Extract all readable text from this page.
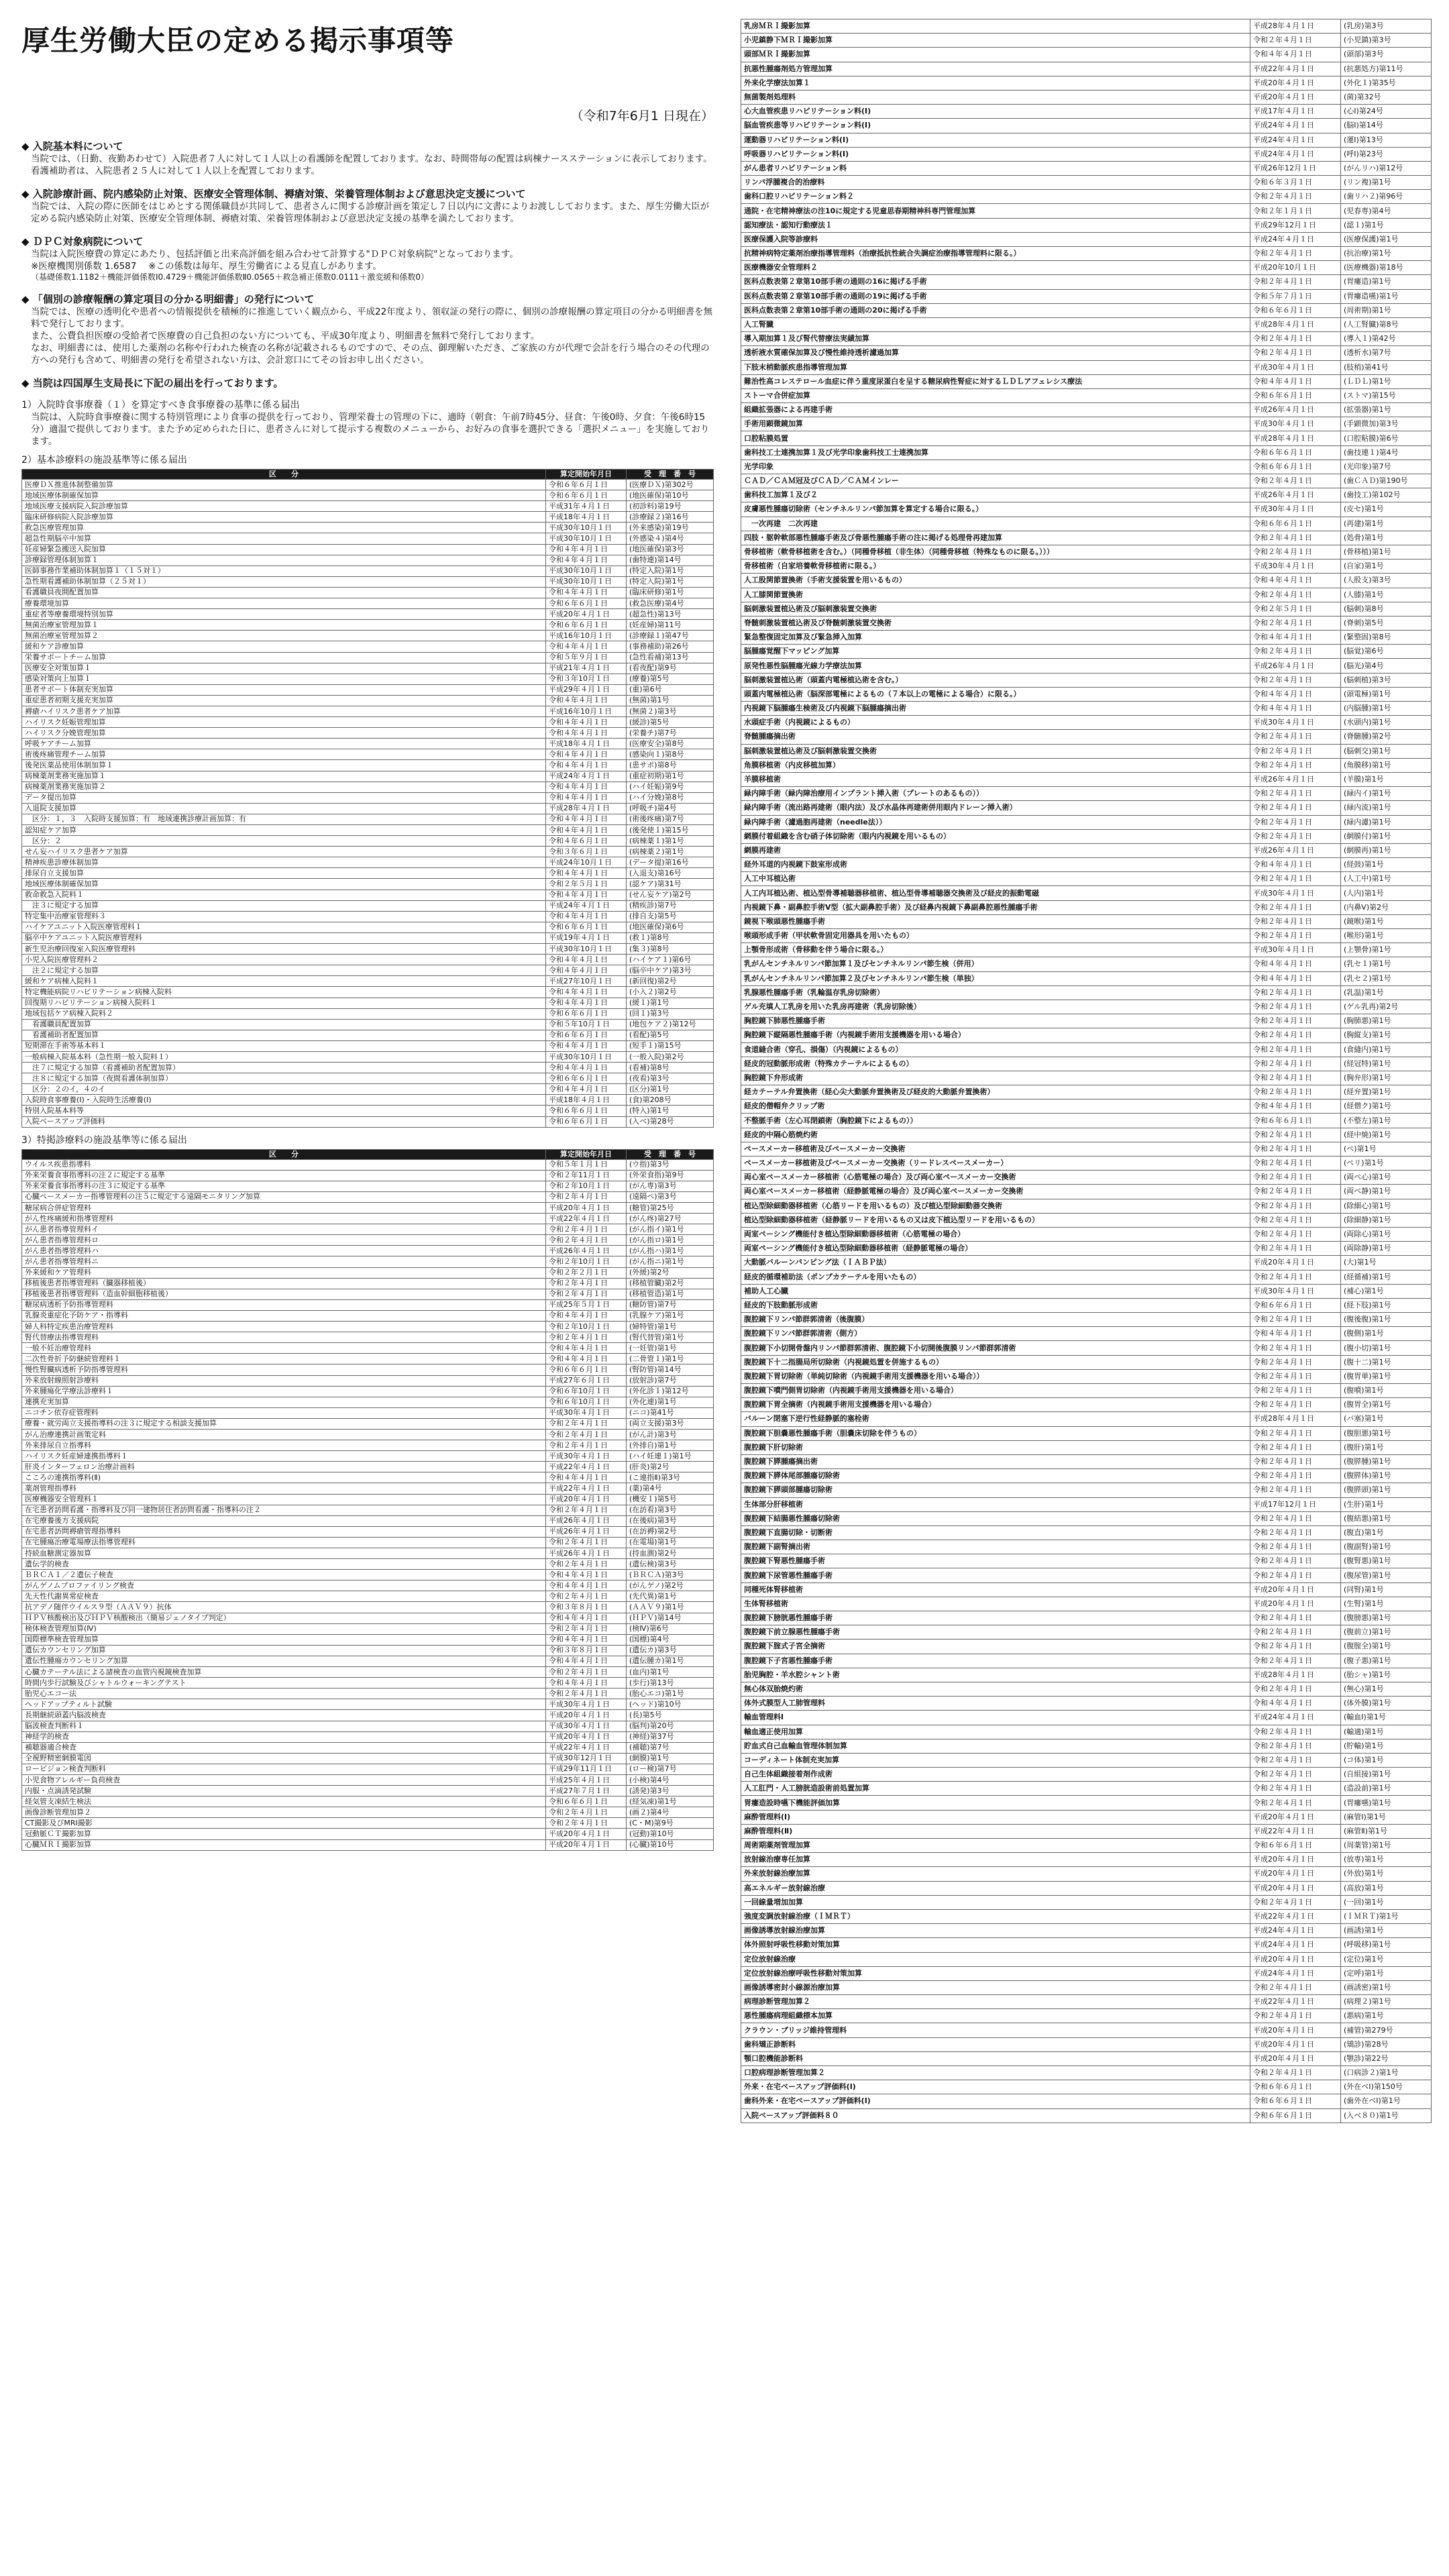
厚生労働大臣の定める掲示事項等
（令和7年6月1 日現在）
◆ 入院基本料について
当院では、（日勤、夜勤あわせて）入院患者７人に対して１人以上の看護師を配置しております。なお、時間帯毎の配置は病棟ナースステーションに表示しております。
看護補助者は、入院患者２５人に対して１人以上を配置しております。
◆ 入院診療計画、院内感染防止対策、医療安全管理体制、褥瘡対策、栄養管理体制および意思決定支援について
当院では、入院の際に医師をはじめとする関係職員が共同して、患者さんに関する診療計画を策定し７日以内に文書によりお渡ししております。また、厚生労働大臣が定める院内感染防止対策、医療安全管理体制、褥瘡対策、栄養管理体制および意思決定支援の基準を満たしております。
◆ ＤＰＣ対象病院について
当院は入院医療費の算定にあたり、包括評価と出来高評価を組み合わせて計算する"ＤＰＣ対象病院"となっております。
※医療機関別係数 1.6587 　※この係数は毎年、厚生労働省による見直しがあります。
（基礎係数1.1182＋機能評価係数Ⅰ0.4729＋機能評価係数Ⅱ0.0565＋救急補正係数0.0111＋激変緩和係数0）
◆ 「個別の診療報酬の算定項目の分かる明細書」の発行について
当院では、医療の透明化や患者への情報提供を積極的に推進していく観点から、平成22年度より、領収証の発行の際に、個別の診療報酬の算定項目の分かる明細書を無料で発行しております。
また、公費負担医療の受給者で医療費の自己負担のない方についても、平成30年度より、明細書を無料で発行しております。
なお、明細書には、使用した薬剤の名称や行われた検査の名称が記載されるものですので、その点、御理解いただき、ご家族の方が代理で会計を行う場合のその代理の方への発行も含めて、明細書の発行を希望されない方は、会計窓口にてその旨お申し出ください。
◆ 当院は四国厚生支局長に下記の届出を行っております。
1）入院時食事療養（１）を算定すべき食事療養の基準に係る届出
当院は、入院時食事療養に関する特別管理により食事の提供を行っており、管理栄養士の管理の下に、適時（朝食：午前7時45分、昼食：午後0時、夕食：午後6時15分）適温で提供しております。また予め定められた日に、患者さんに対して提示する複数のメニューから、お好みの食事を選択できる「選択メニュー」を実施しております。
2）基本診療料の施設基準等に係る届出
区　　分	算定開始年月日	受　理　番　号
医療ＤＸ推進体制整備加算	令和６年６月１日	(医療ＤＸ)第302号
地域医療体制確保加算	令和６年６月１日	(地医確保)第10号
地域医療支援病院入院診療加算	平成31年４月１日	(初診料)第19号
臨床研修病院入院診療加算	平成18年４月１日	(診療録２)第16号
救急医療管理加算	平成30年10月１日	(外来感染)第19号
超急性期脳卒中加算	平成30年10月１日	(外感染４)第4号
妊産婦緊急搬送入院加算	令和４年４月１日	(地医確保)第3号
診療録管理体制加算１	令和４年４月１日	(歯特連)第14号
医師事務作業補助体制加算１（１５対１）	平成30年10月１日	(特定入院)第1号
急性期看護補助体制加算（２５対１）	平成30年10月１日	(特定入院)第1号
看護職員夜間配置加算	令和４年４月１日	(臨床研修)第1号
療養環境加算	令和６年６月１日	(救急医療)第4号
重症者等療養環境特別加算	平成20年４月１日	(超急性)第13号
無菌治療室管理加算１	令和６年６月１日	(妊産婦)第11号
無菌治療室管理加算２	平成16年10月１日	(診療録１)第47号
緩和ケア診療加算	令和４年４月１日	(事務補助)第26号
栄養サポートチーム加算	令和５年９月１日	(急性看補)第13号
医療安全対策加算１	平成21年４月１日	(看夜配)第9号
感染対策向上加算１	令和３年10月１日	(療養)第5号
患者サポート体制充実加算	平成29年４月１日	(重)第6号
重症患者初期支援充実加算	令和４年４月１日	(無菌)第1号
褥瘡ハイリスク患者ケア加算	平成16年10月１日	(無菌２)第3号
ハイリスク妊娠管理加算	令和４年４月１日	(緩診)第5号
ハイリスク分娩管理加算	令和４年４月１日	(栄養チ)第7号
呼吸ケアチーム加算	平成18年４月１日	(医療安全)第8号
術後疼痛管理チーム加算	令和４年４月１日	(感染向１)第8号
後発医薬品使用体制加算１	令和４年４月１日	(患サポ)第8号
病棟薬剤業務実施加算１	平成24年４月１日	(重症初期)第1号
病棟薬剤業務実施加算２	令和４年４月１日	(ハイ妊娠)第9号
データ提出加算	令和４年４月１日	(ハイ分娩)第8号
入退院支援加算	平成28年４月１日	(呼吸チ)第4号
　区分：１，３　入院時支援加算：有　地域連携診療計画加算：有	令和４年４月１日	(術後疼痛)第7号
認知症ケア加算	令和４年４月１日	(後発使１)第15号
　区分：２	令和４年６月１日	(病棟薬１)第1号
せん妄ハイリスク患者ケア加算	令和３年６月１日	(病棟薬２)第1号
精神疾患診療体制加算	平成24年10月１日	(データ提)第16号
排尿自立支援加算	令和４年４月１日	(入退支)第16号
地域医療体制確保加算	令和２年５月１日	(認ケア)第31号
救命救急入院料１	令和４年４月１日	(せん妄ケア)第2号
　注３に規定する加算	平成24年４月１日	(精疾診)第7号
特定集中治療室管理料３	令和４年４月１日	(排自支)第5号
ハイケアユニット入院医療管理料１	令和６年６月１日	(地医確保)第6号
脳卒中ケアユニット入院医療管理料	平成19年４月１日	(救１)第8号
新生児治療回復室入院医療管理料	平成30年10月１日	(集３)第8号
小児入院医療管理料２	令和４年４月１日	(ハイケア１)第6号
　注２に規定する加算	令和４年４月１日	(脳卒中ケア)第3号
緩和ケア病棟入院料１	平成27年10月１日	(新回復)第2号
特定機能病院リハビリテーション病棟入院料	令和４年４月１日	(小入２)第2号
回復期リハビリテーション病棟入院料１	令和４年４月１日	(緩１)第1号
地域包括ケア病棟入院料２	令和６年６月１日	(回１)第3号
　看護職員配置加算	令和５年10月１日	(地包ケア２)第12号
　看護補助者配置加算	令和６年６月１日	(看配)第5号
短期滞在手術等基本料１	令和４年４月１日	(短手１)第15号
一般病棟入院基本料（急性期一般入院料１）	平成30年10月１日	(一般入院)第2号
　注７に規定する加算（看護補助者配置加算）	令和４年４月１日	(看補)第8号
　注８に規定する加算（夜間看護体制加算）	令和６年６月１日	(夜看)第3号
　区分：２のイ，４のイ	令和４年４月１日	(区分)第1号
入院時食事療養(Ⅰ)・入院時生活療養(Ⅰ)	平成18年４月１日	(食)第208号
特別入院基本料等	令和６年６月１日	(特入)第1号
入院ベースアップ評価料	令和６年６月１日	(入ベ)第28号
3）特掲診療料の施設基準等に係る届出
区　　分	算定開始年月日	受　理　番　号
ウイルス疾患指導料	令和５年１月１日	(ウ指)第3号
外来栄養食事指導料の注２に規定する基準	令和２年11月１日	(外栄食指)第9号
外来栄養食事指導料の注３に規定する基準	令和２年10月１日	(がん専)第3号
心臓ペースメーカー指導管理料の注５に規定する遠隔モニタリング加算	令和２年４月１日	(遠隔ペ)第3号
糖尿病合併症管理料	平成20年４月１日	(糖管)第25号
がん性疼痛緩和指導管理料	平成22年４月１日	(がん疼)第27号
がん患者指導管理料イ	令和２年４月１日	(がん指イ)第1号
がん患者指導管理料ロ	令和２年４月１日	(がん指ロ)第1号
がん患者指導管理料ハ	平成26年４月１日	(がん指ハ)第1号
がん患者指導管理料ニ	令和２年10月１日	(がん指ニ)第1号
外来緩和ケア管理料	令和２年２月１日	(外緩)第2号
移植後患者指導管理料（臓器移植後）	令和２年４月１日	(移植管臓)第2号
移植後患者指導管理料（造血幹細胞移植後）	令和２年４月１日	(移植管造)第1号
糖尿病透析予防指導管理料	平成25年５月１日	(糖防管)第7号
乳腺炎重症化予防ケア・指導料	令和４年４月１日	(乳腺ケア)第1号
婦人科特定疾患治療管理料	令和２年10月１日	(婦特管)第1号
腎代替療法指導管理料	令和２年４月１日	(腎代替管)第1号
一般不妊治療管理料	令和４年４月１日	(一妊管)第1号
二次性骨折予防継続管理料１	令和４年４月１日	(二骨管１)第1号
慢性腎臓病透析予防指導管理料	令和６年６月１日	(腎防管)第14号
外来放射線照射診療料	平成27年６月１日	(放射診)第7号
外来腫瘍化学療法診療料１	令和６年10月１日	(外化診１)第12号
連携充実加算	令和６年10月１日	(外化連)第1号
ニコチン依存症管理料	平成30年４月１日	(ニコ)第41号
療養・就労両立支援指導料の注３に規定する相談支援加算	令和２年４月１日	(両立支援)第3号
がん治療連携計画策定料	令和２年４月１日	(がん計)第3号
外来排尿自立指導料	令和２年４月１日	(外排自)第1号
ハイリスク妊産婦連携指導料１	平成30年４月１日	(ハイ妊連１)第1号
肝炎インターフェロン治療計画料	平成22年４月１日	(肝炎)第2号
こころの連携指導料(Ⅱ)	令和４年４月１日	(こ連指Ⅱ)第3号
薬剤管理指導料	平成22年４月１日	(薬)第4号
医療機器安全管理料１	平成20年４月１日	(機安１)第5号
在宅患者訪問看護・指導料及び同一建物居住者訪問看護・指導料の注２	令和２年４月１日	(在訪看)第3号
在宅療養後方支援病院	平成26年４月１日	(在後病)第3号
在宅患者訪問褥瘡管理指導料	平成26年４月１日	(在訪褥)第2号
在宅腫瘍治療電場療法指導管理料	令和２年４月１日	(在電場)第1号
持続血糖測定器加算	平成26年４月１日	(持血測)第2号
遺伝学的検査	令和２年４月１日	(遺伝検)第3号
ＢＲＣＡ１／２遺伝子検査	令和４年４月１日	(ＢＲＣＡ)第3号
がんゲノムプロファイリング検査	令和４年４月１日	(がんゲノ)第2号
先天性代謝異常症検査	令和２年４月１日	(先代異)第1号
抗アデノ随伴ウイルス９型（ＡＡＶ９）抗体	令和３年８月１日	(ＡＡＶ９)第1号
ＨＰＶ核酸検出及びＨＰＶ核酸検出（簡易ジェノタイプ判定）	令和４年４月１日	(ＨＰＶ)第14号
検体検査管理加算(Ⅳ)	令和２年４月１日	(検Ⅳ)第6号
国際標準検査管理加算	令和４年４月１日	(国標)第4号
遺伝カウンセリング加算	令和３年８月１日	(遺伝カ)第3号
遺伝性腫瘍カウンセリング加算	令和４年４月１日	(遺伝腫カ)第1号
心臓カテーテル法による諸検査の血管内視鏡検査加算	令和２年４月１日	(血内)第1号
時間内歩行試験及びシャトルウォーキングテスト	令和４年４月１日	(歩行)第13号
胎児心エコー法	令和２年４月１日	(胎心エコ)第1号
ヘッドアップティルト試験	平成30年４月１日	(ヘッド)第10号
長期継続頭蓋内脳波検査	平成20年４月１日	(長)第5号
脳波検査判断料１	平成30年４月１日	(脳判)第20号
神経学的検査	平成20年４月１日	(神経)第37号
補聴器適合検査	平成22年４月１日	(補聴)第7号
全視野精密網膜電図	平成30年12月１日	(網膜)第1号
ロービジョン検査判断料	平成29年11月１日	(ロー検)第7号
小児食物アレルギー負荷検査	平成25年４月１日	(小検)第4号
内服・点滴誘発試験	平成27年７月１日	(誘発)第3号
経気管支凍結生検法	令和６年６月１日	(経気凍)第1号
画像診断管理加算２	令和２年４月１日	(画２)第4号
CT撮影及びMRI撮影	令和２年４月１日	(C・M)第9号
冠動脈ＣＴ撮影加算	平成20年４月１日	(冠動)第10号
心臓ＭＲＩ撮影加算	平成20年４月１日	(心臓)第10号
乳房ＭＲＩ撮影加算	平成28年４月１日	(乳房)第3号
小児鎮静下ＭＲＩ撮影加算	令和２年４月１日	(小児鎮)第3号
頭部ＭＲＩ撮影加算	令和４年４月１日	(頭部)第3号
抗悪性腫瘍剤処方管理加算	平成22年４月１日	(抗悪処方)第11号
外来化学療法加算１	平成20年４月１日	(外化１)第35号
無菌製剤処理料	平成20年４月１日	(菌)第32号
心大血管疾患リハビリテーション料(Ⅰ)	平成17年４月１日	(心Ⅰ)第24号
脳血管疾患等リハビリテーション料(Ⅰ)	平成24年４月１日	(脳Ⅰ)第14号
運動器リハビリテーション料(Ⅰ)	平成24年４月１日	(運Ⅰ)第13号
呼吸器リハビリテーション料(Ⅰ)	平成24年４月１日	(呼Ⅰ)第23号
がん患者リハビリテーション料	平成26年12月１日	(がんリハ)第12号
リンパ浮腫複合的治療料	令和６年３月１日	(リン複)第1号
歯科口腔リハビリテーション料２	令和２年４月１日	(歯リハ２)第96号
通院・在宅精神療法の注10に規定する児童思春期精神科専門管理加算	令和２年１月１日	(児春専)第4号
認知療法・認知行動療法１	平成29年12月１日	(認１)第1号
医療保護入院等診療料	平成24年４月１日	(医療保護)第1号
抗精神病特定薬剤治療指導管理料（治療抵抗性統合失調症治療指導管理料に限る。）	令和２年４月１日	(抗治療)第1号
医療機器安全管理料２	平成20年10月１日	(医療機器)第18号
医科点数表第２章第10部手術の通則の16に掲げる手術	令和２年４月１日	(胃瘻造)第1号
医科点数表第２章第10部手術の通則の19に掲げる手術	令和５年７月１日	(胃瘻造嚥)第1号
医科点数表第２章第10部手術の通則の20に掲げる手術	令和６年６月１日	(周術期)第1号
人工腎臓	平成28年４月１日	(人工腎臓)第8号
導入期加算１及び腎代替療法実績加算	令和２年４月１日	(導入１)第42号
透析液水質確保加算及び慢性維持透析濾過加算	令和２年４月１日	(透析水)第7号
下肢末梢動脈疾患指導管理加算	平成30年４月１日	(肢梢)第41号
難治性高コレステロール血症に伴う重度尿蛋白を呈する糖尿病性腎症に対するＬＤＬアフェレシス療法	令和４年４月１日	(ＬＤＬ)第1号
ストーマ合併症加算	令和６年６月１日	(ストマ)第15号
組織拡張器による再建手術	平成26年４月１日	(拡張器)第1号
手術用顕微鏡加算	平成30年４月１日	(手顕微加)第3号
口腔粘膜処置	平成28年４月１日	(口腔粘膜)第6号
歯科技工士連携加算１及び光学印象歯科技工士連携加算	令和６年６月１日	(歯技連１)第4号
光学印象	令和６年６月１日	(光印象)第7号
ＣＡＤ／ＣＡＭ冠及びＣＡＤ／ＣＡＭインレー	令和２年４月１日	(歯ＣＡＤ)第190号
歯科技工加算１及び２	平成26年４月１日	(歯技工)第102号
皮膚悪性腫瘍切除術（センチネルリンパ節加算を算定する場合に限る。）	平成30年４月１日	(皮セ)第1号
　一次再建　二次再建	令和６年６月１日	(再建)第1号
四肢・躯幹軟部悪性腫瘍手術及び骨悪性腫瘍手術の注に掲げる処理骨再建加算	令和２年４月１日	(処骨)第1号
骨移植術（軟骨移植術を含む。）（同種骨移植（非生体）（同種骨移植（特殊なものに限る。）））	令和２年４月１日	(骨移植)第1号
骨移植術（自家培養軟骨移植術に限る。）	平成30年４月１日	(自家)第1号
人工股関節置換術（手術支援装置を用いるもの）	令和４年４月１日	(人股支)第3号
人工膝関節置換術	令和２年４月１日	(人膝)第1号
脳刺激装置植込術及び脳刺激装置交換術	令和２年５月１日	(脳刺)第8号
脊髄刺激装置植込術及び脊髄刺激装置交換術	令和２年４月１日	(脊刺)第5号
緊急整復固定加算及び緊急挿入加算	令和４年４月１日	(緊整固)第8号
脳腫瘍覚醒下マッピング加算	令和２年４月１日	(脳覚)第6号
原発性悪性脳腫瘍光線力学療法加算	平成26年４月１日	(脳光)第4号
脳刺激装置植込術（頭蓋内電極植込術を含む。）	令和２年４月１日	(脳刺植)第3号
頭蓋内電極植込術（脳深部電極によるもの（７本以上の電極による場合）に限る。）	令和４年４月１日	(頭電極)第1号
内視鏡下脳腫瘍生検術及び内視鏡下脳腫瘍摘出術	令和４年４月１日	(内脳腫)第1号
水頭症手術（内視鏡によるもの）	平成30年４月１日	(水頭内)第1号
脊髄腫瘍摘出術	令和２年４月１日	(脊髄腫)第2号
脳刺激装置植込術及び脳刺激装置交換術	令和２年４月１日	(脳刺交)第1号
角膜移植術（内皮移植加算）	令和２年４月１日	(角膜移)第1号
羊膜移植術	平成26年４月１日	(羊膜)第1号
緑内障手術（緑内障治療用インプラント挿入術（プレートのあるもの））	令和２年４月１日	(緑内イ)第1号
緑内障手術（流出路再建術（眼内法）及び水晶体再建術併用眼内ドレーン挿入術）	令和２年４月１日	(緑内流)第1号
緑内障手術（濾過胞再建術（needle法））	令和２年４月１日	(緑内濾)第1号
網膜付着組織を含む硝子体切除術（眼内内視鏡を用いるもの）	令和２年４月１日	(網膜付)第1号
網膜再建術	平成26年４月１日	(網膜再)第1号
経外耳道的内視鏡下鼓室形成術	令和４年４月１日	(経鼓)第1号
人工中耳植込術	令和２年４月１日	(人工中)第1号
人工内耳植込術、植込型骨導補聴器移植術、植込型骨導補聴器交換術及び経皮的振動電磁	平成30年４月１日	(人内)第1号
内視鏡下鼻・副鼻腔手術Ⅴ型（拡大副鼻腔手術）及び経鼻内視鏡下鼻副鼻腔悪性腫瘍手術	令和２年４月１日	(内鼻Ⅴ)第2号
鏡視下喉頭悪性腫瘍手術	令和２年４月１日	(鏡喉)第1号
喉頭形成手術（甲状軟骨固定用器具を用いたもの）	令和２年４月１日	(喉形)第1号
上顎骨形成術（骨移動を伴う場合に限る。）	平成30年４月１日	(上顎骨)第1号
乳がんセンチネルリンパ節加算１及びセンチネルリンパ節生検（併用）	令和４年４月１日	(乳セ１)第1号
乳がんセンチネルリンパ節加算２及びセンチネルリンパ節生検（単独）	令和４年４月１日	(乳セ２)第1号
乳腺悪性腫瘍手術（乳輪温存乳房切除術）	令和２年４月１日	(乳温)第1号
ゲル充填人工乳房を用いた乳房再建術（乳房切除後）	令和２年４月１日	(ゲル乳再)第2号
胸腔鏡下肺悪性腫瘍手術	令和２年４月１日	(胸肺悪)第1号
胸腔鏡下縦隔悪性腫瘍手術（内視鏡手術用支援機器を用いる場合）	令和２年４月１日	(胸縦支)第1号
食道縫合術（穿孔、損傷）（内視鏡によるもの）	令和２年４月１日	(食縫内)第1号
経皮的冠動脈形成術（特殊カテーテルによるもの）	令和２年４月１日	(経冠特)第1号
胸腔鏡下弁形成術	令和２年４月１日	(胸弁形)第1号
経カテーテル弁置換術（経心尖大動脈弁置換術及び経皮的大動脈弁置換術）	令和２年４月１日	(経弁置)第1号
経皮的僧帽弁クリップ術	令和４年４月１日	(経僧ク)第1号
不整脈手術（左心耳閉鎖術（胸腔鏡下によるもの））	令和６年６月１日	(不整左)第1号
経皮的中隔心筋焼灼術	令和２年４月１日	(経中焼)第1号
ペースメーカー移植術及びペースメーカー交換術	令和２年４月１日	(ペ)第1号
ペースメーカー移植術及びペースメーカー交換術（リードレスペースメーカー）	令和２年４月１日	(ペリ)第1号
両心室ペースメーカー移植術（心筋電極の場合）及び両心室ペースメーカー交換術	令和２年４月１日	(両ペ心)第1号
両心室ペースメーカー移植術（経静脈電極の場合）及び両心室ペースメーカー交換術	令和２年４月１日	(両ペ静)第1号
植込型除細動器移植術（心筋リードを用いるもの）及び植込型除細動器交換術	令和２年４月１日	(除細心)第1号
植込型除細動器移植術（経静脈リードを用いるもの又は皮下植込型リードを用いるもの）	令和２年４月１日	(除細静)第1号
両室ペーシング機能付き植込型除細動器移植術（心筋電極の場合）	令和２年４月１日	(両除心)第1号
両室ペーシング機能付き植込型除細動器移植術（経静脈電極の場合）	令和２年４月１日	(両除静)第1号
大動脈バルーンパンピング法（ＩＡＢＰ法）	平成20年４月１日	(大)第1号
経皮的循環補助法（ポンプカテーテルを用いたもの）	令和２年４月１日	(経循補)第1号
補助人工心臓	平成30年４月１日	(補心)第1号
経皮的下肢動脈形成術	令和６年６月１日	(経下肢)第1号
腹腔鏡下リンパ節群郭清術（後腹膜）	令和２年４月１日	(腹後腹)第1号
腹腔鏡下リンパ節群郭清術（側方）	令和４年４月１日	(腹側)第1号
腹腔鏡下小切開骨盤内リンパ節群郭清術、腹腔鏡下小切開後腹膜リンパ節群郭清術	令和２年４月１日	(腹小切)第1号
腹腔鏡下十二指腸局所切除術（内視鏡処置を併施するもの）	令和２年４月１日	(腹十二)第1号
腹腔鏡下胃切除術（単純切除術（内視鏡手術用支援機器を用いる場合））	令和２年４月１日	(腹胃単)第1号
腹腔鏡下噴門側胃切除術（内視鏡手術用支援機器を用いる場合）	令和２年４月１日	(腹噴)第1号
腹腔鏡下胃全摘術（内視鏡手術用支援機器を用いる場合）	令和２年４月１日	(腹胃全)第1号
バルーン閉塞下逆行性経静脈的塞栓術	平成28年４月１日	(バ塞)第1号
腹腔鏡下胆嚢悪性腫瘍手術（胆嚢床切除を伴うもの）	令和２年４月１日	(腹胆悪)第1号
腹腔鏡下肝切除術	令和２年４月１日	(腹肝)第1号
腹腔鏡下膵腫瘍摘出術	令和２年４月１日	(腹膵腫)第1号
腹腔鏡下膵体尾部腫瘍切除術	令和２年４月１日	(腹膵体)第1号
腹腔鏡下膵頭部腫瘍切除術	令和２年４月１日	(腹膵頭)第1号
生体部分肝移植術	平成17年12月１日	(生肝)第1号
腹腔鏡下結腸悪性腫瘍切除術	令和２年４月１日	(腹結悪)第1号
腹腔鏡下直腸切除・切断術	令和２年４月１日	(腹直)第1号
腹腔鏡下副腎摘出術	令和２年４月１日	(腹副腎)第1号
腹腔鏡下腎悪性腫瘍手術	令和２年４月１日	(腹腎悪)第1号
腹腔鏡下尿管悪性腫瘍手術	令和２年４月１日	(腹尿管)第1号
同種死体腎移植術	平成20年４月１日	(同腎)第1号
生体腎移植術	平成20年４月１日	(生腎)第1号
腹腔鏡下膀胱悪性腫瘍手術	令和２年４月１日	(腹膀悪)第1号
腹腔鏡下前立腺悪性腫瘍手術	令和２年４月１日	(腹前立)第1号
腹腔鏡下腟式子宮全摘術	令和２年４月１日	(腹腟全)第1号
腹腔鏡下子宮悪性腫瘍手術	令和２年４月１日	(腹子悪)第1号
胎児胸腔・羊水腔シャント術	平成28年４月１日	(胎シャ)第1号
無心体双胎焼灼術	令和２年４月１日	(無心)第1号
体外式膜型人工肺管理料	令和４年４月１日	(体外膜)第1号
輸血管理料Ⅰ	平成24年４月１日	(輸血Ⅰ)第1号
輸血適正使用加算	令和２年４月１日	(輸適)第1号
貯血式自己血輸血管理体制加算	令和２年４月１日	(貯輸)第1号
コーディネート体制充実加算	令和２年４月１日	(コ体)第1号
自己生体組織接着剤作成術	令和２年４月１日	(自組接)第1号
人工肛門・人工膀胱造設術前処置加算	令和２年４月１日	(造設前)第1号
胃瘻造設時嚥下機能評価加算	令和２年４月１日	(胃瘻嚥)第1号
麻酔管理料(Ⅰ)	平成20年４月１日	(麻管Ⅰ)第1号
麻酔管理料(Ⅱ)	平成22年４月１日	(麻管Ⅱ)第1号
周術期薬剤管理加算	令和６年６月１日	(周薬管)第1号
放射線治療専任加算	平成20年４月１日	(放専)第1号
外来放射線治療加算	平成20年４月１日	(外放)第1号
高エネルギー放射線治療	平成20年４月１日	(高放)第1号
一回線量増加加算	令和２年４月１日	(一回)第1号
強度変調放射線治療（ＩＭＲＴ）	平成22年４月１日	(ＩＭＲＴ)第1号
画像誘導放射線治療加算	平成24年４月１日	(画誘)第1号
体外照射呼吸性移動対策加算	平成24年４月１日	(呼吸移)第1号
定位放射線治療	平成20年４月１日	(定位)第1号
定位放射線治療呼吸性移動対策加算	平成24年４月１日	(定呼)第1号
画像誘導密封小線源治療加算	令和２年４月１日	(画誘密)第1号
病理診断管理加算２	平成22年４月１日	(病理２)第1号
悪性腫瘍病理組織標本加算	令和２年４月１日	(悪病)第1号
クラウン・ブリッジ維持管理料	平成20年４月１日	(補管)第279号
歯科矯正診断料	平成20年４月１日	(矯診)第28号
顎口腔機能診断料	平成20年４月１日	(顎診)第22号
口腔病理診断管理加算２	令和２年４月１日	(口病診２)第1号
外来・在宅ベースアップ評価料(Ⅰ)	令和６年６月１日	(外在ベⅠ)第150号
歯科外来・在宅ベースアップ評価料(Ⅰ)	令和６年６月１日	(歯外在ベⅠ)第1号
入院ベースアップ評価料８０	令和６年６月１日	(入ベ８０)第1号
